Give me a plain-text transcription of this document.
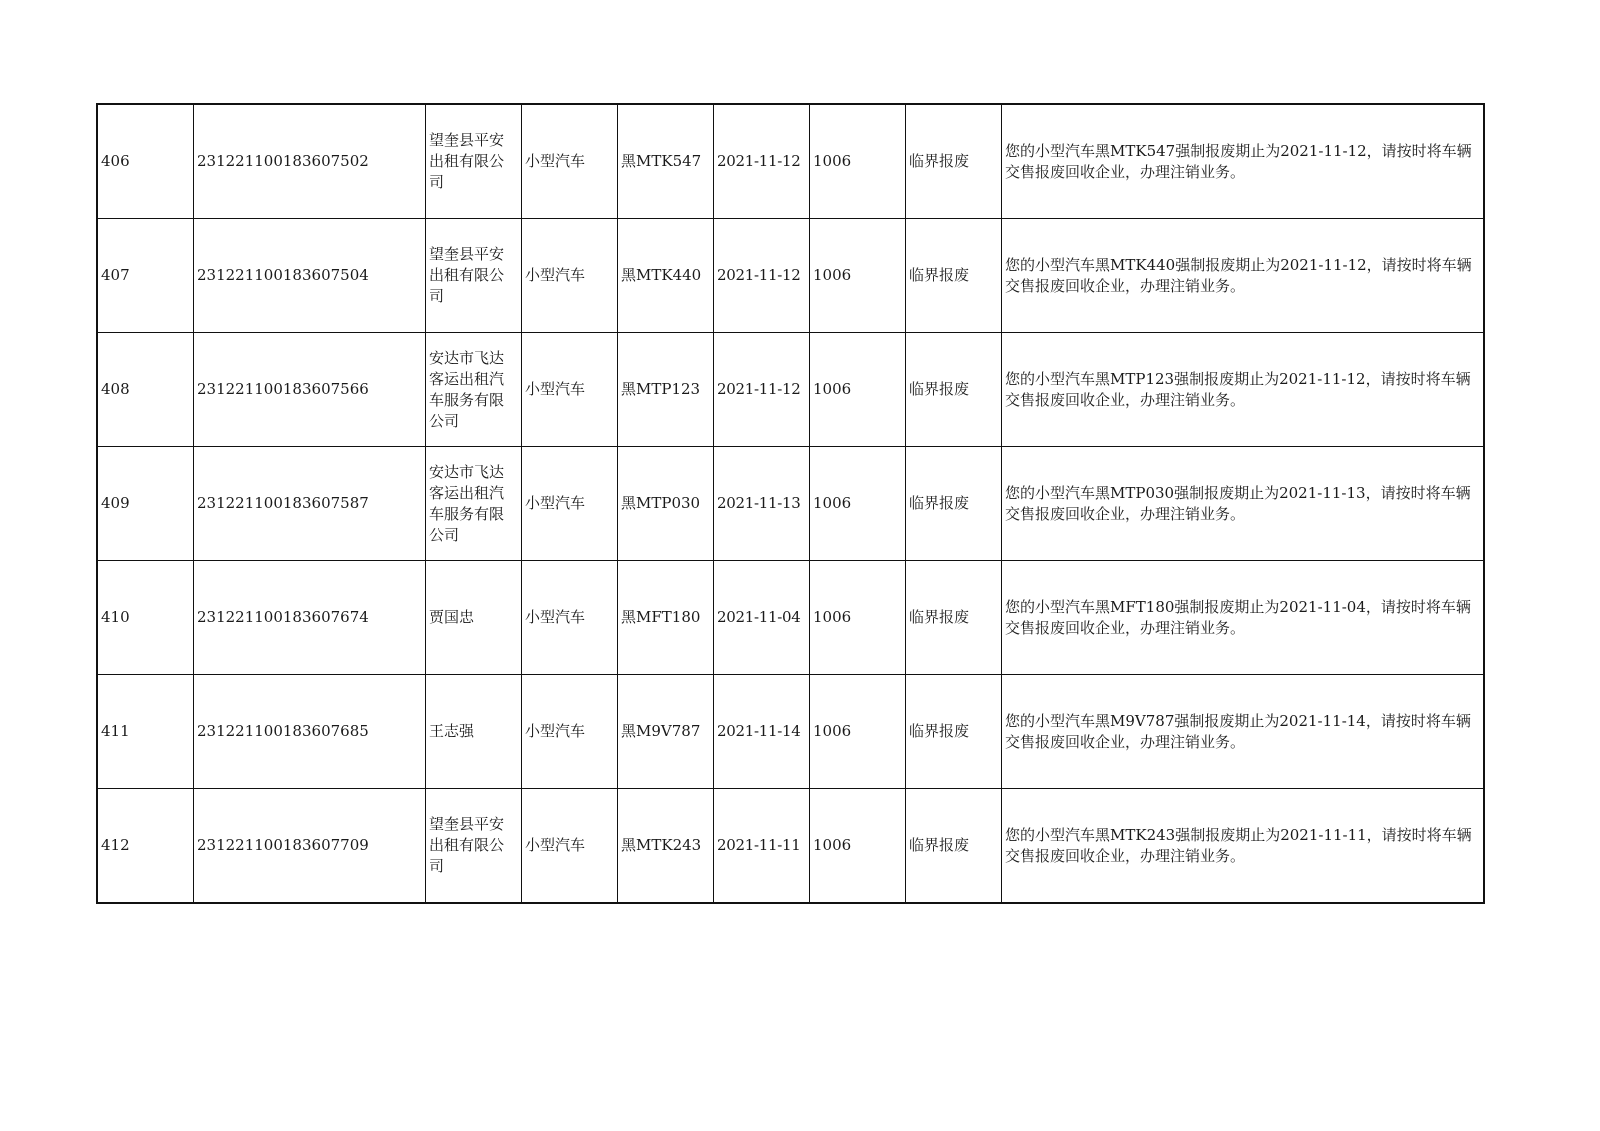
406	231221100183607502	望奎县平安出租有限公司	小型汽车	黑MTK547	2021-11-12	1006	临界报废	您的小型汽车黑MTK547强制报废期止为2021-11-12，请按时将车辆交售报废回收企业，办理注销业务。
407	231221100183607504	望奎县平安出租有限公司	小型汽车	黑MTK440	2021-11-12	1006	临界报废	您的小型汽车黑MTK440强制报废期止为2021-11-12，请按时将车辆交售报废回收企业，办理注销业务。
408	231221100183607566	安达市飞达客运出租汽车服务有限公司	小型汽车	黑MTP123	2021-11-12	1006	临界报废	您的小型汽车黑MTP123强制报废期止为2021-11-12，请按时将车辆交售报废回收企业，办理注销业务。
409	231221100183607587	安达市飞达客运出租汽车服务有限公司	小型汽车	黑MTP030	2021-11-13	1006	临界报废	您的小型汽车黑MTP030强制报废期止为2021-11-13，请按时将车辆交售报废回收企业，办理注销业务。
410	231221100183607674	贾国忠	小型汽车	黑MFT180	2021-11-04	1006	临界报废	您的小型汽车黑MFT180强制报废期止为2021-11-04，请按时将车辆交售报废回收企业，办理注销业务。
411	231221100183607685	王志强	小型汽车	黑M9V787	2021-11-14	1006	临界报废	您的小型汽车黑M9V787强制报废期止为2021-11-14，请按时将车辆交售报废回收企业，办理注销业务。
412	231221100183607709	望奎县平安出租有限公司	小型汽车	黑MTK243	2021-11-11	1006	临界报废	您的小型汽车黑MTK243强制报废期止为2021-11-11，请按时将车辆交售报废回收企业，办理注销业务。
